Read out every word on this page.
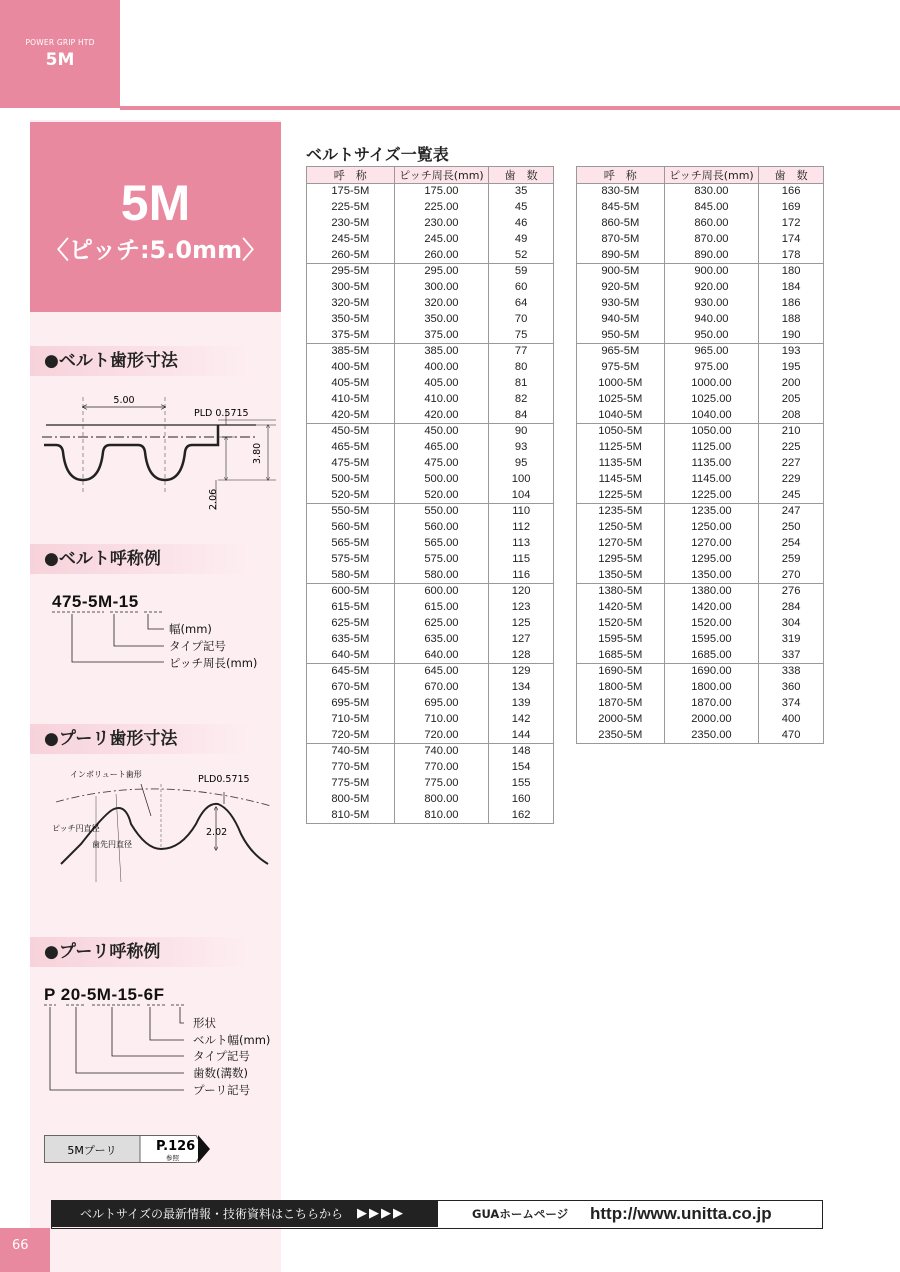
POWER GRIP HTD
5M
5M
〈ピッチ:5.0mm〉
●ベルト歯形寸法
5.00
PLD 0.5715
3.80
2.06
●ベルト呼称例
475-5M-15
幅(mm)
タイプ記号
ピッチ周長(mm)
●プーリ歯形寸法
インボリュート歯形	PLD0.5715
ピッチ円直径
歯先円直径
2.02
●プーリ呼称例
P 20-5M-15-6F
形状
ベルト幅(mm)
タイプ記号
歯数(溝数)
プーリ記号
5Mプーリ	P.126
参照
ベルトサイズ一覧表
呼　称	ピッチ周長(mm)	歯　数
175-5M	175.00	35
225-5M	225.00	45
230-5M	230.00	46
245-5M	245.00	49
260-5M	260.00	52
295-5M	295.00	59
300-5M	300.00	60
320-5M	320.00	64
350-5M	350.00	70
375-5M	375.00	75
385-5M	385.00	77
400-5M	400.00	80
405-5M	405.00	81
410-5M	410.00	82
420-5M	420.00	84
450-5M	450.00	90
465-5M	465.00	93
475-5M	475.00	95
500-5M	500.00	100
520-5M	520.00	104
550-5M	550.00	110
560-5M	560.00	112
565-5M	565.00	113
575-5M	575.00	115
580-5M	580.00	116
600-5M	600.00	120
615-5M	615.00	123
625-5M	625.00	125
635-5M	635.00	127
640-5M	640.00	128
645-5M	645.00	129
670-5M	670.00	134
695-5M	695.00	139
710-5M	710.00	142
720-5M	720.00	144
740-5M	740.00	148
770-5M	770.00	154
775-5M	775.00	155
800-5M	800.00	160
810-5M	810.00	162
呼　称	ピッチ周長(mm)	歯　数
830-5M	830.00	166
845-5M	845.00	169
860-5M	860.00	172
870-5M	870.00	174
890-5M	890.00	178
900-5M	900.00	180
920-5M	920.00	184
930-5M	930.00	186
940-5M	940.00	188
950-5M	950.00	190
965-5M	965.00	193
975-5M	975.00	195
1000-5M	1000.00	200
1025-5M	1025.00	205
1040-5M	1040.00	208
1050-5M	1050.00	210
1125-5M	1125.00	225
1135-5M	1135.00	227
1145-5M	1145.00	229
1225-5M	1225.00	245
1235-5M	1235.00	247
1250-5M	1250.00	250
1270-5M	1270.00	254
1295-5M	1295.00	259
1350-5M	1350.00	270
1380-5M	1380.00	276
1420-5M	1420.00	284
1520-5M	1520.00	304
1595-5M	1595.00	319
1685-5M	1685.00	337
1690-5M	1690.00	338
1800-5M	1800.00	360
1870-5M	1870.00	374
2000-5M	2000.00	400
2350-5M	2350.00	470
ベルトサイズの最新情報・技術資料はこちらから	▶▶▶▶	GUAホームページ http://www.unitta.co.jp
66
